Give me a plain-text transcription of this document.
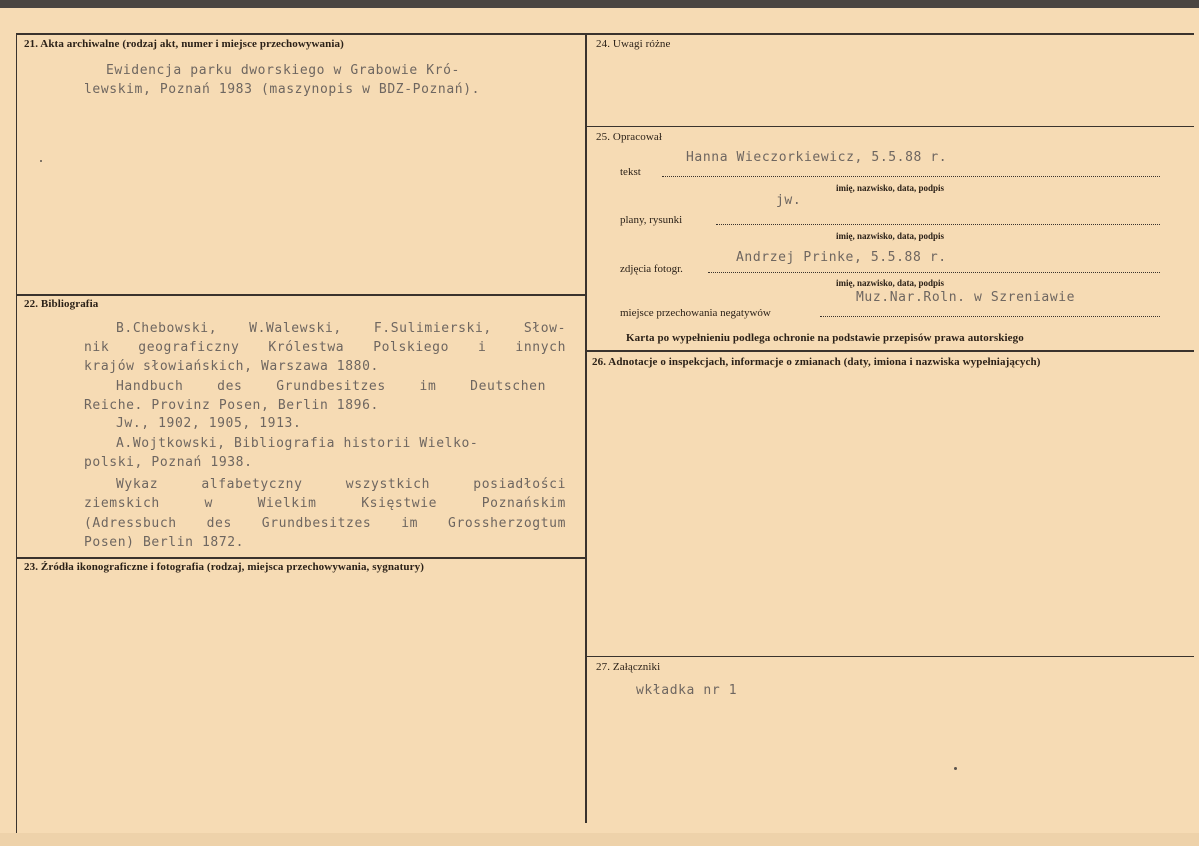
21. Akta archiwalne (rodzaj akt, numer i miejsce przechowywania)
Ewidencja parku dworskiego w Grabowie Kró-
lewskim, Poznań 1983 (maszynopis w BDZ-Poznań).
22. Bibliografia
B.Chebowski, W.Walewski, F.Sulimierski, Słow-
nik geograficzny Królestwa Polskiego i innych
krajów słowiańskich, Warszawa 1880.
Handbuch des Grundbesitzes im Deutschen
Reiche. Provinz Posen, Berlin 1896.
Jw., 1902, 1905, 1913.
A.Wojtkowski, Bibliografia historii Wielko-
polski, Poznań 1938.
Wykaz alfabetyczny wszystkich posiadłości
ziemskich w Wielkim Księstwie Poznańskim
(Adressbuch des Grundbesitzes im Grossherzogtum
Posen) Berlin 1872.
23. Źródła ikonograficzne i fotografia (rodzaj, miejsca przechowywania, sygnatury)
24. Uwagi różne
25. Opracował
Hanna Wieczorkiewicz, 5.5.88 r.
tekst
imię, nazwisko, data, podpis
jw.
plany, rysunki
imię, nazwisko, data, podpis
Andrzej Prinke, 5.5.88 r.
zdjęcia fotogr.
imię, nazwisko, data, podpis
Muz.Nar.Roln. w Szreniawie
miejsce przechowania negatywów
Karta po wypełnieniu podlega ochronie na podstawie przepisów prawa autorskiego
26. Adnotacje o inspekcjach, informacje o zmianach (daty, imiona i nazwiska wypełniających)
27. Załączniki
wkładka nr 1
